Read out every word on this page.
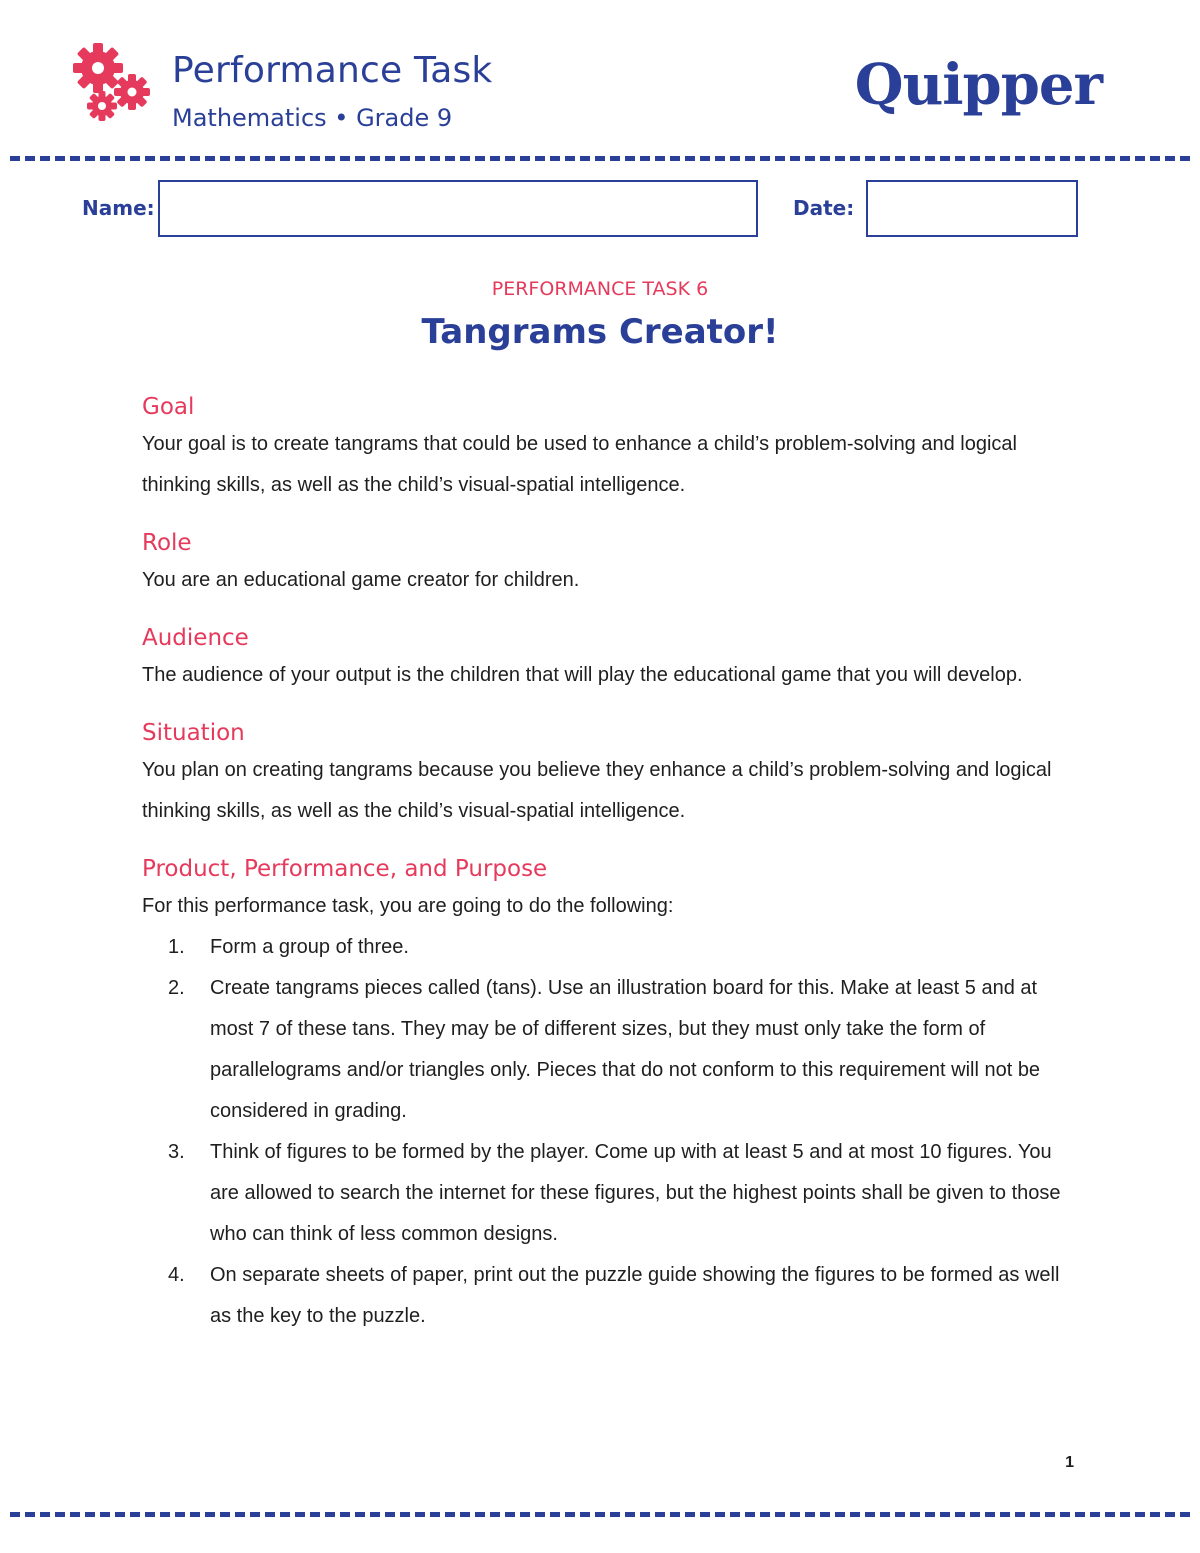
Performance Task
Mathematics • Grade 9	Quipper
Name:	Date:
PERFORMANCE TASK 6
Tangrams Creator!
Goal

Your goal is to create tangrams that could be used to enhance a child’s problem-solving and logical thinking skills, as well as the child’s visual-spatial intelligence.

Role

You are an educational game creator for children.

Audience

The audience of your output is the children that will play the educational game that you will develop.

Situation

You plan on creating tangrams because you believe they enhance a child’s problem-solving and logical thinking skills, as well as the child’s visual-spatial intelligence.

Product, Performance, and Purpose

For this performance task, you are going to do the following:

1. Form a group of three.
2. Create tangrams pieces called (tans). Use an illustration board for this. Make at least 5 and at most 7 of these tans. They may be of different sizes, but they must only take the form of parallelograms and/or triangles only. Pieces that do not conform to this requirement will not be considered in grading.
3. Think of figures to be formed by the player. Come up with at least 5 and at most 10 figures. You are allowed to search the internet for these figures, but the highest points shall be given to those who can think of less common designs.
4. On separate sheets of paper, print out the puzzle guide showing the figures to be formed as well as the key to the puzzle.
1
